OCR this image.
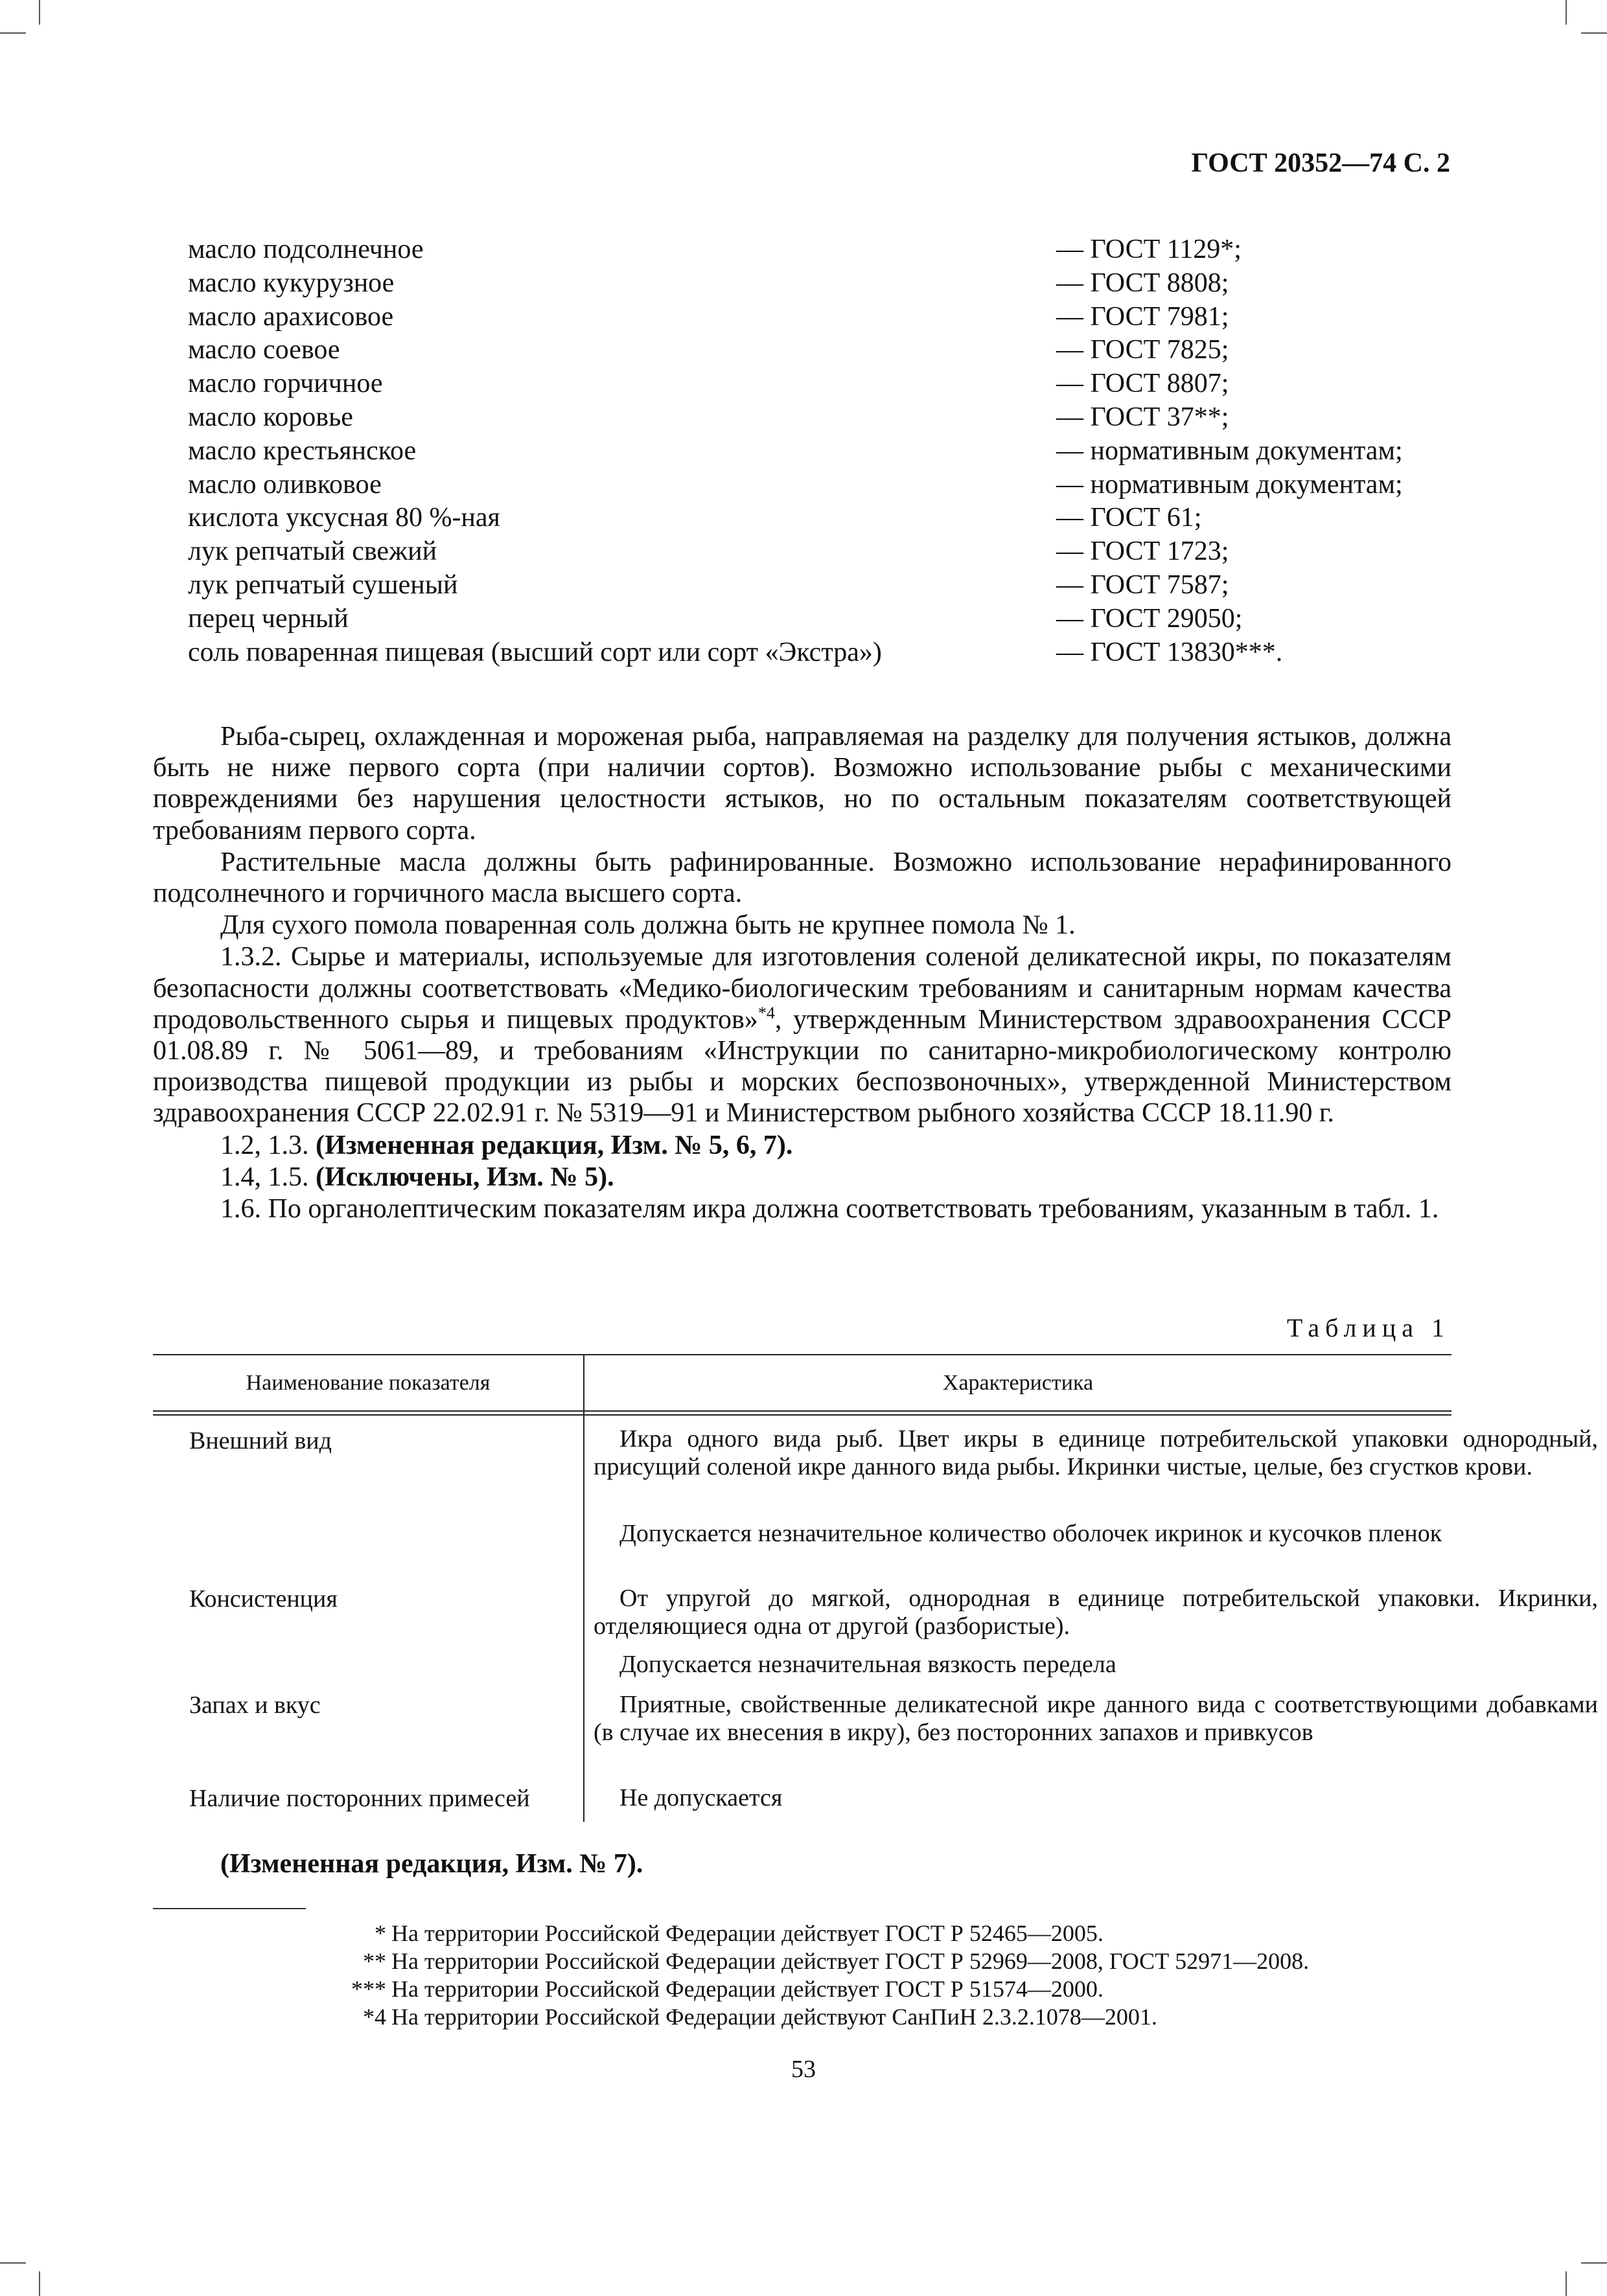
ГОСТ 20352—74 С. 2
масло подсолнечное	— ГОСТ 1129*;
масло кукурузное	— ГОСТ 8808;
масло арахисовое	— ГОСТ 7981;
масло соевое	— ГОСТ 7825;
масло горчичное	— ГОСТ 8807;
масло коровье	— ГОСТ 37**;
масло крестьянское	— нормативным документам;
масло оливковое	— нормативным документам;
кислота уксусная 80 %-ная	— ГОСТ 61;
лук репчатый свежий	— ГОСТ 1723;
лук репчатый сушеный	— ГОСТ 7587;
перец черный	— ГОСТ 29050;
соль поваренная пищевая (высший сорт или сорт «Экстра»)	— ГОСТ 13830***.

Рыба-сырец, охлажденная и мороженая рыба, направляемая на разделку для получения ястыков, должна быть не ниже первого сорта (при наличии сортов). Возможно использование рыбы с механическими повреждениями без нарушения целостности ястыков, но по остальным показателям соответствующей требованиям первого сорта.

Растительные масла должны быть рафинированные. Возможно использование нерафинированного подсолнечного и горчичного масла высшего сорта.

Для сухого помола поваренная соль должна быть не крупнее помола № 1.

1.3.2. Сырье и материалы, используемые для изготовления соленой деликатесной икры, по показателям безопасности должны соответствовать «Медико-биологическим требованиям и санитарным нормам качества продовольственного сырья и пищевых продуктов»$^{*4}$, утвержденным Министерством здравоохранения СССР 01.08.89 г. № 5061—89, и требованиям «Инструкции по санитарно-микробиологическому контролю производства пищевой продукции из рыбы и морских беспозвоночных», утвержденной Министерством здравоохранения СССР 22.02.91 г. № 5319—91 и Министерством рыбного хозяйства СССР 18.11.90 г.

1.2, 1.3. (Измененная редакция, Изм. № 5, 6, 7).

1.4, 1.5. (Исключены, Изм. № 5).

1.6. По органолептическим показателям икра должна соответствовать требованиям, указанным в табл. 1.

Таблица 1
Наименование показателя	Характеристика
Внешний вид	Икра одного вида рыб. Цвет икры в единице потребительской упаковки однородный, присущий соленой икре данного вида рыбы. Икринки чистые, целые, без сгустков крови.

Допускается незначительное количество оболочек икринок и кусочков пленок

Консистенция	От упругой до мягкой, однородная в единице потребительской упаковки. Икринки, отделяющиеся одна от другой (разбористые).

Допускается незначительная вязкость передела

Запах и вкус	Приятные, свойственные деликатесной икре данного вида с соответствующими добавками (в случае их внесения в икру), без посторонних запахов и привкусов

Наличие посторонних примесей	Не допускается

(Измененная редакция, Изм. № 7).
* На территории Российской Федерации действует ГОСТ Р 52465—2005.
** На территории Российской Федерации действует ГОСТ Р 52969—2008, ГОСТ 52971—2008.
*** На территории Российской Федерации действует ГОСТ Р 51574—2000.
*4 На территории Российской Федерации действуют СанПиН 2.3.2.1078—2001.
53
